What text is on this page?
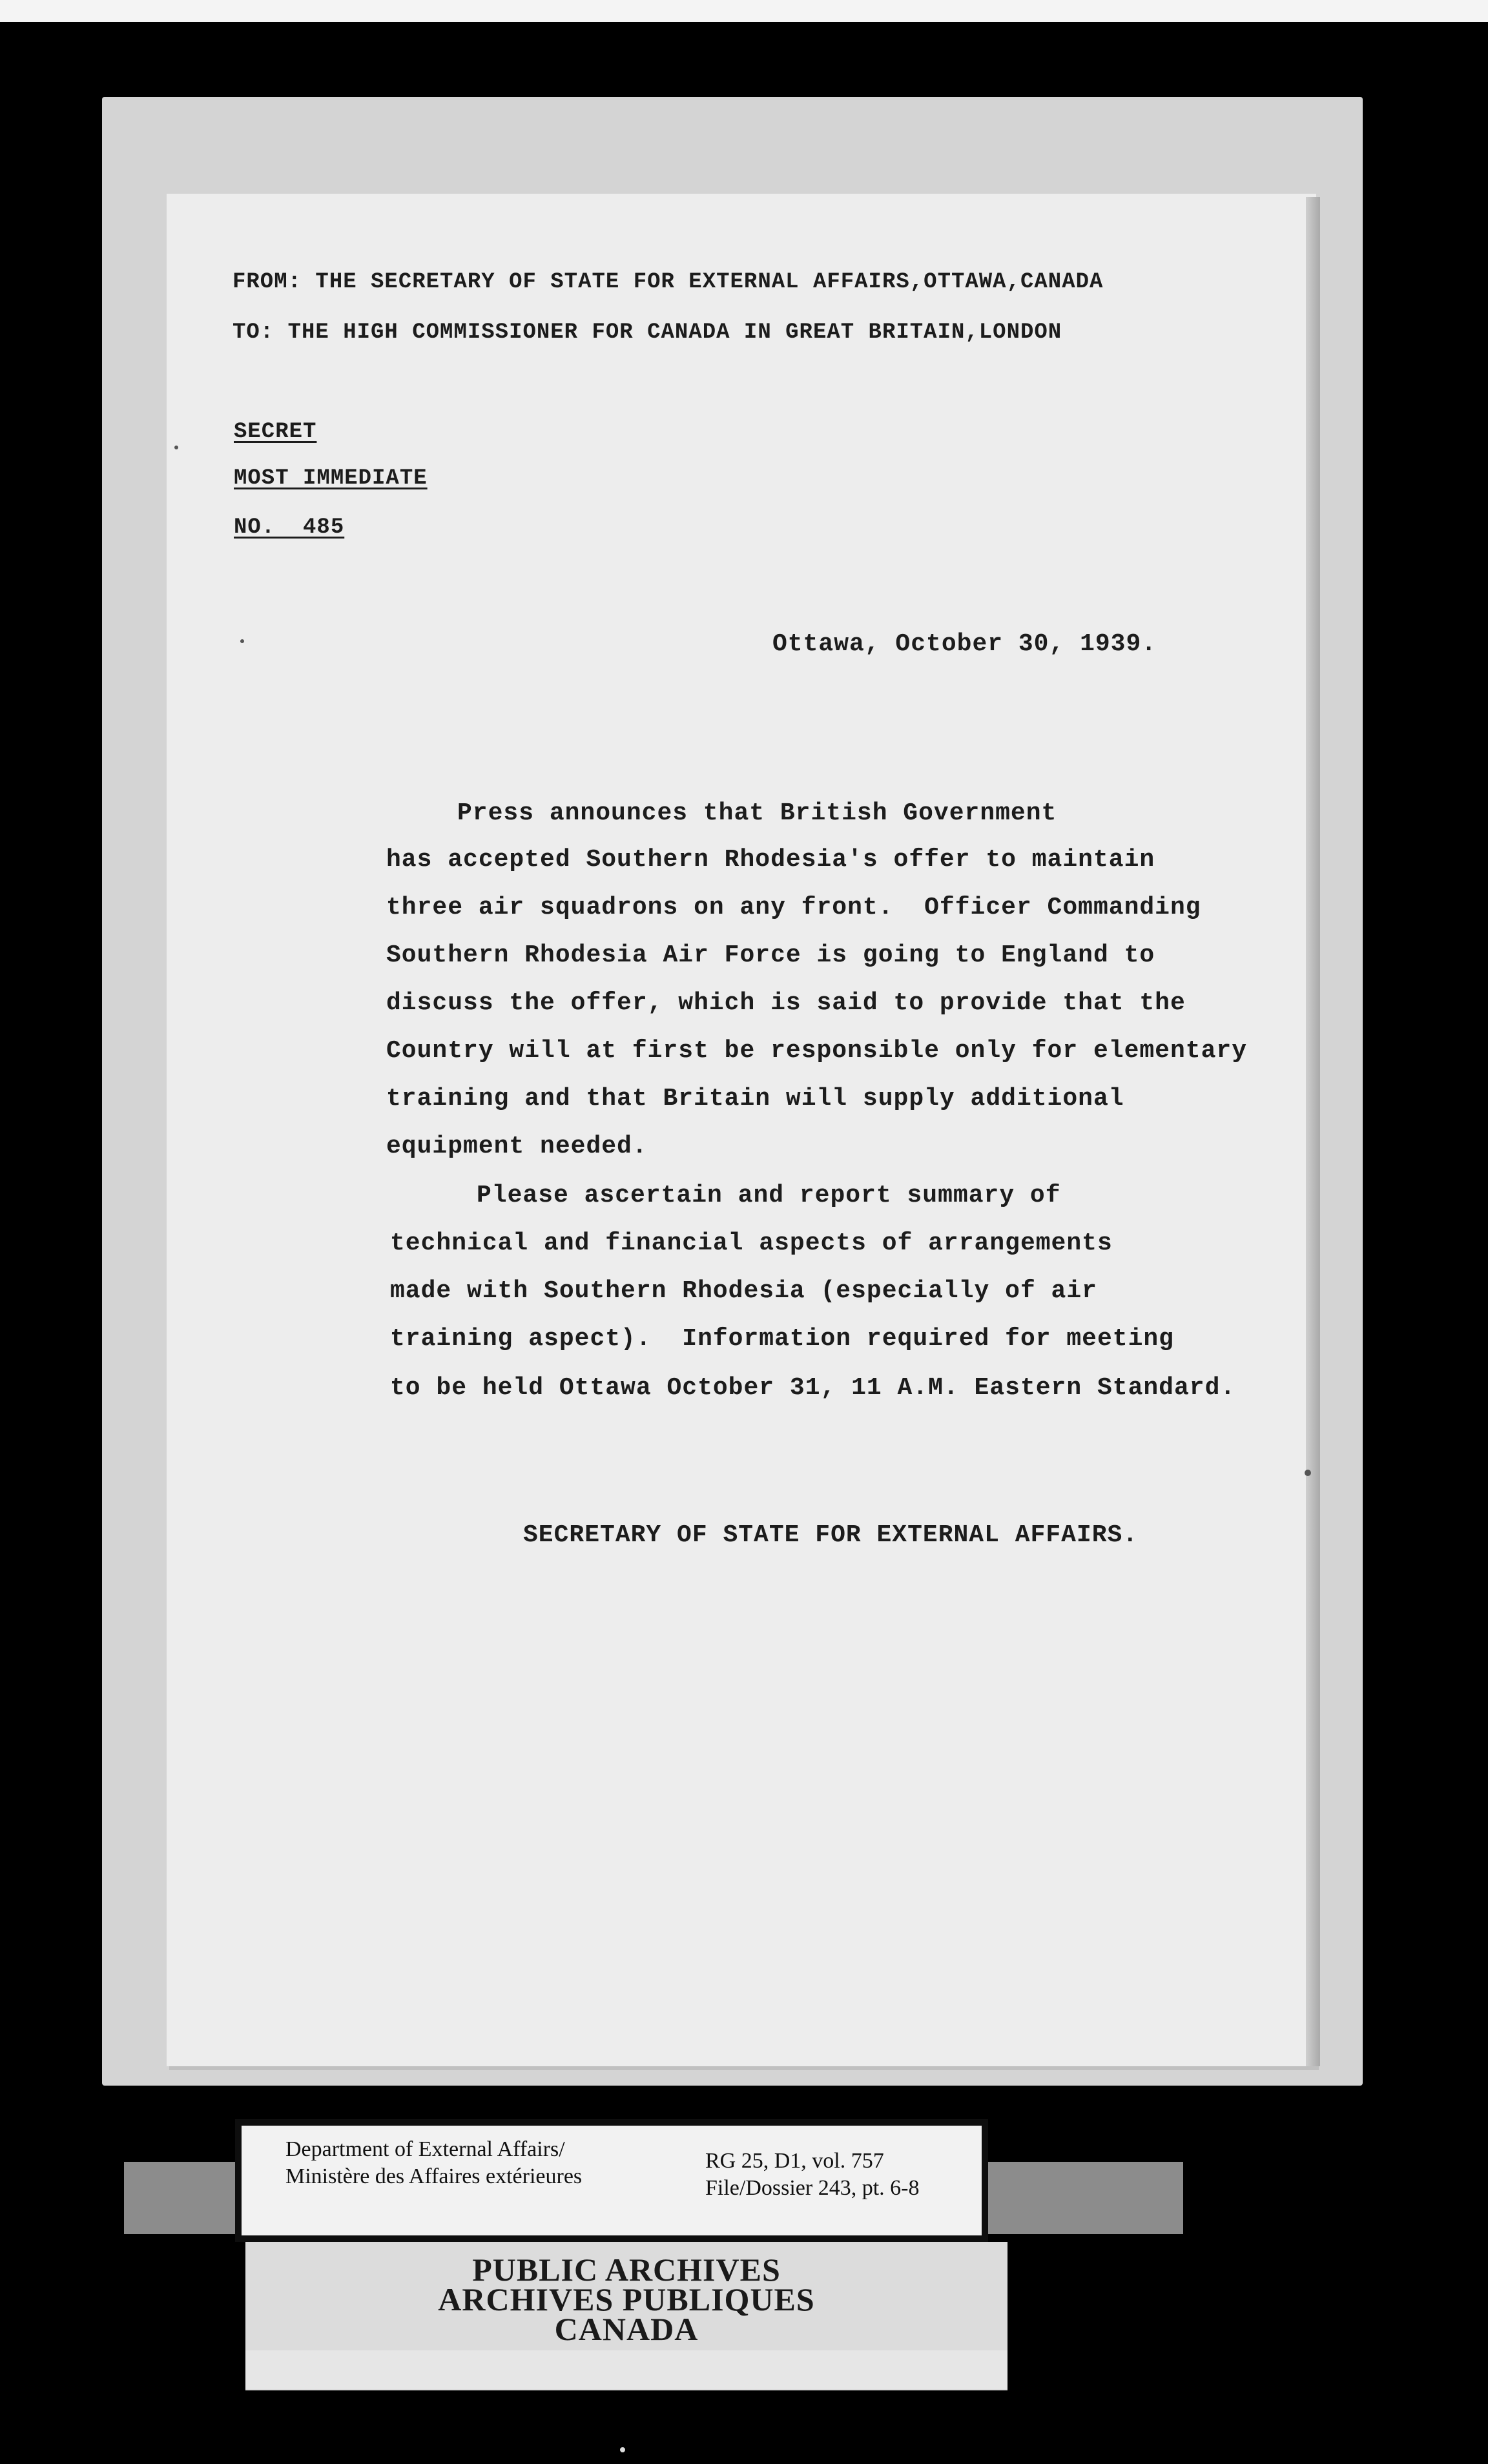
FROM: THE SECRETARY OF STATE FOR EXTERNAL AFFAIRS,OTTAWA,CANADA
TO: THE HIGH COMMISSIONER FOR CANADA IN GREAT BRITAIN,LONDON
SECRET
MOST IMMEDIATE
NO.  485
Ottawa, October 30, 1939.
Press announces that British Government
has accepted Southern Rhodesia's offer to maintain
three air squadrons on any front.  Officer Commanding
Southern Rhodesia Air Force is going to England to
discuss the offer, which is said to provide that the
Country will at first be responsible only for elementary
training and that Britain will supply additional
equipment needed.
Please ascertain and report summary of
technical and financial aspects of arrangements
made with Southern Rhodesia (especially of air
training aspect).  Information required for meeting
to be held Ottawa October 31, 11 A.M. Eastern Standard.
SECRETARY OF STATE FOR EXTERNAL AFFAIRS.
Department of External Affairs/
Ministère des Affaires extérieures
RG 25, D1, vol. 757
File/Dossier 243, pt. 6-8
PUBLIC ARCHIVES
ARCHIVES PUBLIQUES
CANADA
